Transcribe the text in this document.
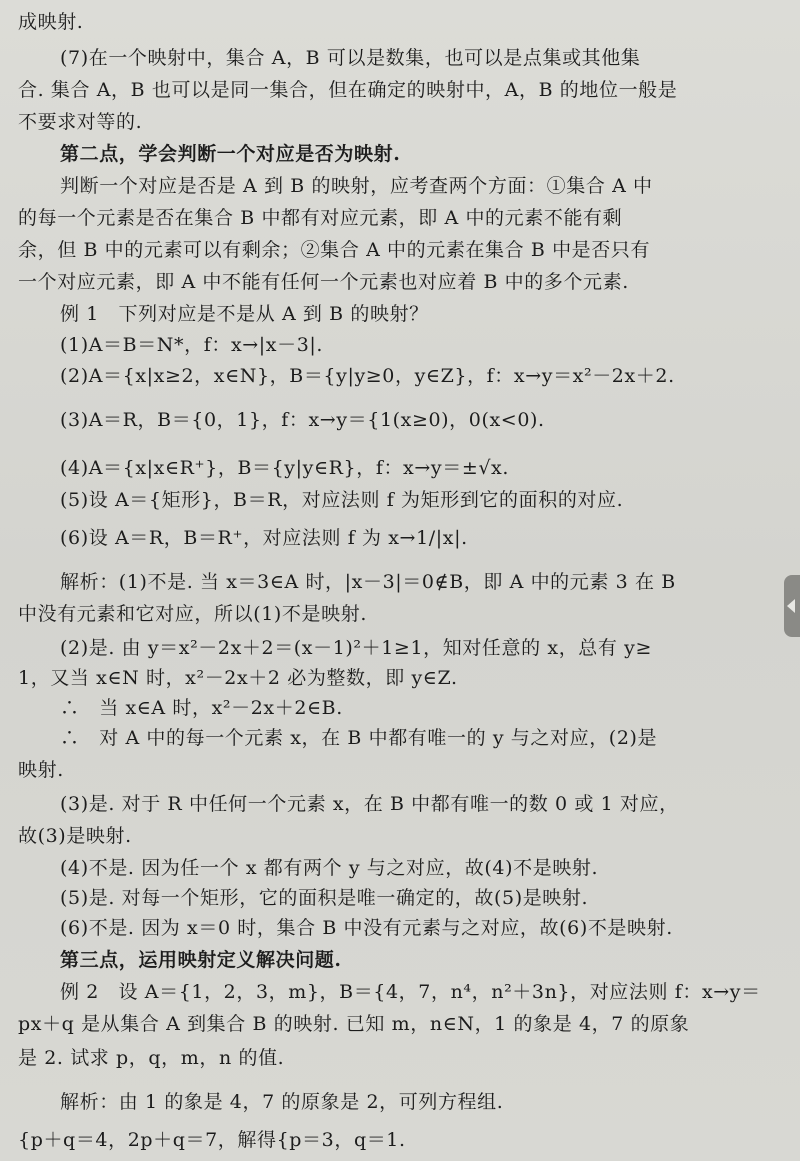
成映射.
(7)在一个映射中，集合 A，B 可以是数集，也可以是点集或其他集
合. 集合 A，B 也可以是同一集合，但在确定的映射中，A，B 的地位一般是
不要求对等的.
第二点，学会判断一个对应是否为映射.
判断一个对应是否是 A 到 B 的映射，应考查两个方面：①集合 A 中
的每一个元素是否在集合 B 中都有对应元素，即 A 中的元素不能有剩
余，但 B 中的元素可以有剩余；②集合 A 中的元素在集合 B 中是否只有
一个对应元素，即 A 中不能有任何一个元素也对应着 B 中的多个元素.
例 1　下列对应是不是从 A 到 B 的映射？
(1)A＝B＝N*，f：x→|x－3|.
(2)A＝{x|x≥2，x∈N}，B＝{y|y≥0，y∈Z}，f：x→y＝x²－2x＋2.
(3)A＝R，B＝{0，1}，f：x→y＝{1(x≥0)，0(x<0).
(4)A＝{x|x∈R⁺}，B＝{y|y∈R}，f：x→y＝±√x.
(5)设 A＝{矩形}，B＝R，对应法则 f 为矩形到它的面积的对应.
(6)设 A＝R，B＝R⁺，对应法则 f 为 x→1/|x|.
解析：(1)不是. 当 x＝3∈A 时，|x－3|＝0∉B，即 A 中的元素 3 在 B
中没有元素和它对应，所以(1)不是映射.
(2)是. 由 y＝x²－2x＋2＝(x－1)²＋1≥1，知对任意的 x，总有 y≥
1，又当 x∈N 时，x²－2x＋2 必为整数，即 y∈Z.
∴　当 x∈A 时，x²－2x＋2∈B.
∴　对 A 中的每一个元素 x，在 B 中都有唯一的 y 与之对应，(2)是
映射.
(3)是. 对于 R 中任何一个元素 x，在 B 中都有唯一的数 0 或 1 对应，
故(3)是映射.
(4)不是. 因为任一个 x 都有两个 y 与之对应，故(4)不是映射.
(5)是. 对每一个矩形，它的面积是唯一确定的，故(5)是映射.
(6)不是. 因为 x＝0 时，集合 B 中没有元素与之对应，故(6)不是映射.
第三点，运用映射定义解决问题.
例 2　设 A＝{1，2，3，m}，B＝{4，7，n⁴，n²＋3n}，对应法则 f：x→y＝
px＋q 是从集合 A 到集合 B 的映射. 已知 m，n∈N，1 的象是 4，7 的原象
是 2. 试求 p，q，m，n 的值.
解析：由 1 的象是 4，7 的原象是 2，可列方程组.
{p＋q＝4，2p＋q＝7，解得{p＝3，q＝1.
